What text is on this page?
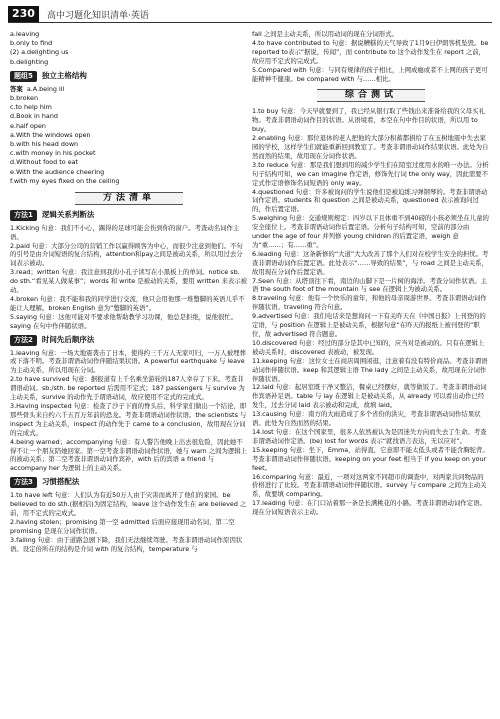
230	高中习题化知识清单·英语

a.leaving

b.only to find

(2) a.delighting us

b.delighting

题组5	独立主格结构

答案 a.A.being ill

b.broken

c.to help him

d.Book in hand

e.half open

a.With the windows open

b.with his head down

c.with money in his pocket

d.Without food to eat

e.With the audience cheering

f.with my eyes fixed on the ceiling

方法清单
方法1	逻辑关系判断法

1.Kicking 句意：我们不小心，踢得的足球可能会伤到你的窗户。考查动名词作主语。

2.paid 句意：大部分公司的营销工作以赢得顾客为中心，而很少注意到他们。不句的引号是由介词短语的复合结构，attention和pay之间是被动关系，所以用过去分词表示被动。

3.read；written 句意：我注意到我的小孔子读写在小黑板上的单词。notice sb. do sth.“看见某人做某事”；words 和 write 是被动的关系，要用 written 来表示被动。

4.broken 句意：我不能和我的同学进行交流，他只会用他那一堆蹩脚的英语儿乎不能让人理解。broken English 意为“蹩脚的英语”。

5.saying 句意：这他可能对不要求他帮助教学习功课，他总是拒绝，说他很忙。saying 在句中作伴随状语。

方法2	时间先后顺序法

1.leaving 句意：一场大地震袭击了日本，使得约三千万人无家可归，一万人被埋葬或下落不明。考查非谓语动词作伴随结果状语。A powerful earthquake 与 leave 为主动关系，所以用现在分词。

2.to have survived 句意：据报道有上千名乘坐游轮的187人幸存了下来。考查非谓语动词。sb./sth. be reported 后需用不定式；187 passengers 与 survive 为主动关系，survive 的动作先于谓语动词，故应使用不定式的完成式。

3.Having inspected 句意：检查了沙子下面的脊头后，科学家们做出一个结论，即那些骨头来自约六千五百万年前的恐龙。考查非谓语动词作状语。the scientists 与 inspect 为主动关系，inspect 的动作先于 came to a conclusion，故用现在分词的完成式。

4.being warned；accompanying 句意：有人警告他晚上出去很危险，因此她不得不让一个朋友陪她回家。第一空考查非谓语动词作状语，她与 warn 之间为逻辑上的被动关系；第二空考查非谓语动词作宾补，with 后的宾语 a friend 与 accompany her 为逻辑上的主动关系。

方法3	习惯搭配法

1.to have left 句意：人们认为有近50万人由于灾害而离开了他们的家园。be believed to do sth.(据相信)为固定结构，leave 这个动作发生在 are believed 之前，用不定式的完成式。

2.having stolen；promising 第一空 admitted 后面应接现用动名词，第二空 promising 是现在分词作状语。

3.falling 句意：由于道路急剧下降，我们无法继续驾驶。考查非谓语动词作原因状语。设定倍所在的结构是介词 with 的复合结构，temperature 与

fall 之间是主动关系，所以用动词的现在分词形式。

4.to have contributed to 句意：据说糟糕的天气导致了1月9日伊朗客机坠毁。be reported to表示“据说，传闻”，而 contribute to 这个动作发生在 report 之前，故应用不定式的完成式。

5.Compared with 句意：与同有规律的孩子相比，上网成瘾或者不上网的孩子更可能精神不健康。be compared with 与……相比。

综合测试

1.to buy 句意：今天早就要到了，我已经从银行取了些钱出来准备给我的父母买礼物。考查非谓语动词作目的状语。从语境看，本空在句中作目的状语，所以用 to buy。

2.enabling 句意：那位退休的老人把他的大部分积蓄都捐给了在玉树地震中失去家园的学校，这样学生们就能重新回到教室了。考查非谓语动词作结果状语。此处为自然而然的结果，故用现在分词作状语。

3.to reduce 句意：那是我们想到用的减少学生们在陌室过度用水的唯一办法。分析句子结构可知，we can imagine 作定语，修饰先行词 the only way，因此需要不定式作定语修饰名词短语的 only way。

4.questioned 句意：许多被询问的学生说他们是被迫练习弹钢琴的。考查非谓语动词作定语。students 和 question 之间是被动关系，questioned 表示被询问过的，作后置定语。

5.weighing 句意：交通规则规定：四岁以下且体重不到40磅的小孩必须坐在儿童的安全座位上。考查非谓语动词作后置定语。分析句子结构可知，空前的部分由 under the age of four 并列修 young children 的后置定语，weigh 意为“重……；有……重”。

6.leading 句意：这条新修的“大道”大大改善了那个人们对在校学生安全的担忧。考查非谓语动词作后置定语。此处表示“……导致的结果”，与 road 之间是主动关系，故用现在分词作后置定语。

7.Seen 句意：从塔顶往下看，南边的山脚下是一片树的海洋。考查分词作状语。主语 the south foot of the mountain 与 see 在逻辑上为被动关系。

8.traveling 句意：他有一个快乐的童年，和他的母亲周游世界。考查非谓语动词作伴随状语。traveling 符合句意。

9.advertised 句意：我们电话来是想询问一下有关昨天在《中国日报》上刊登的的定语，与 position 在逻辑上是被动关系，根据句意“在昨天的报纸上被刊登的”职位，故 advertised 符合题意。

10.discovered 句意：经过的部分是其中已知的，应当对是被动的。只有在逻辑上被动关系时，discovered 表被动，被发现。

11.keeping 句意：这位女士在商店周围闲逛，注意着有没有特价商品。考查非谓语动词作伴随状语。keep 和其逻辑主语 The lady 之间是主动关系，故用现在分词作伴随状语。

12.laid 句意：起居室既干净又整洁，餐桌已经摆好，就等做饭了。考查非谓语动词作宾语补足语。table 与 lay 在逻辑上是被动关系，从 already 可以看出动作已经发生，过去分词 laid 表示被动和完成，故填 laid。

13.causing 句意：南方的大雨造成了多个省份的洪灾，考查非谓语动词作结果状语。此处为自然而然的结果。

14.lost 句意：在这个国家里，很多人依然被认为是因迷失方向而失去了生命。考查非谓语动词作定语。(be) lost for words 表示“就找语言表达，无以应对”。

15.keeping 句意：坐下，Emma，站得直，它意即不能太低头或者不能含胸驼背。考查非谓语动词作伴随状语。keeping on your feet 相当于 if you keep on your feet。

16.comparing 句意：最近，一项对这两家不同超市的调查中，对两家共同物品的价格进行了比较。考查非谓语动词作伴随状语。survey 与 compare 之间为主动关系，故要填 comparing。

17.leading 句意：在门口站着那一条是长满桃花的小路。考查非谓语动词作定语。现在分词短语表示主动。
